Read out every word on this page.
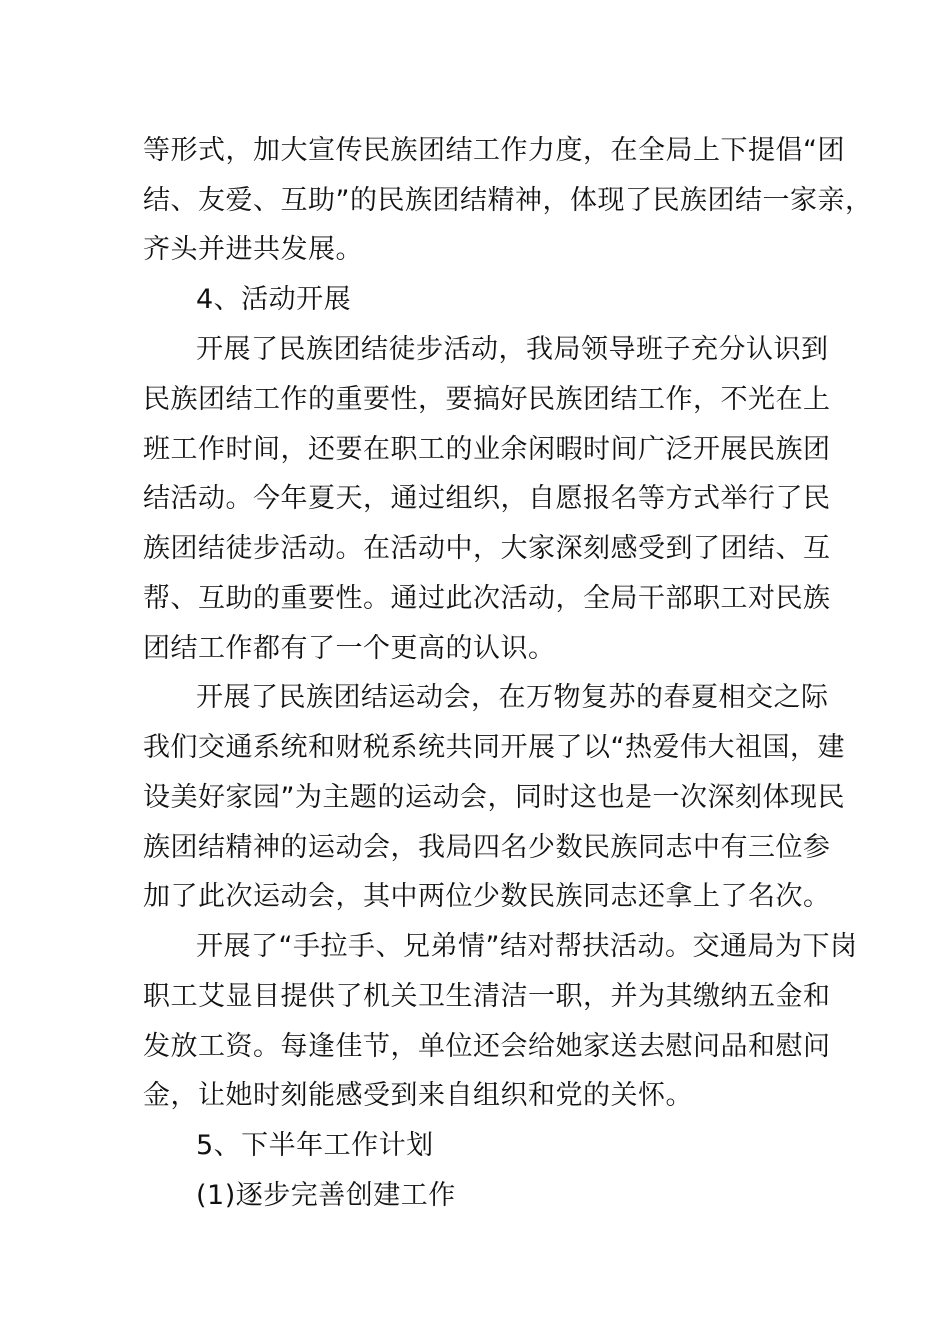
等形式，加大宣传民族团结工作力度，在全局上下提倡“团

结、友爱、互助”的民族团结精神，体现了民族团结一家亲，

齐头并进共发展。

4、活动开展

开展了民族团结徒步活动，我局领导班子充分认识到

民族团结工作的重要性，要搞好民族团结工作，不光在上

班工作时间，还要在职工的业余闲暇时间广泛开展民族团

结活动。今年夏天，通过组织，自愿报名等方式举行了民

族团结徒步活动。在活动中，大家深刻感受到了团结、互

帮、互助的重要性。通过此次活动，全局干部职工对民族

团结工作都有了一个更高的认识。

开展了民族团结运动会，在万物复苏的春夏相交之际

我们交通系统和财税系统共同开展了以“热爱伟大祖国，建

设美好家园”为主题的运动会，同时这也是一次深刻体现民

族团结精神的运动会，我局四名少数民族同志中有三位参

加了此次运动会，其中两位少数民族同志还拿上了名次。

开展了“手拉手、兄弟情”结对帮扶活动。交通局为下岗

职工艾显目提供了机关卫生清洁一职，并为其缴纳五金和

发放工资。每逢佳节，单位还会给她家送去慰问品和慰问

金，让她时刻能感受到来自组织和党的关怀。

5、下半年工作计划

(1)逐步完善创建工作
